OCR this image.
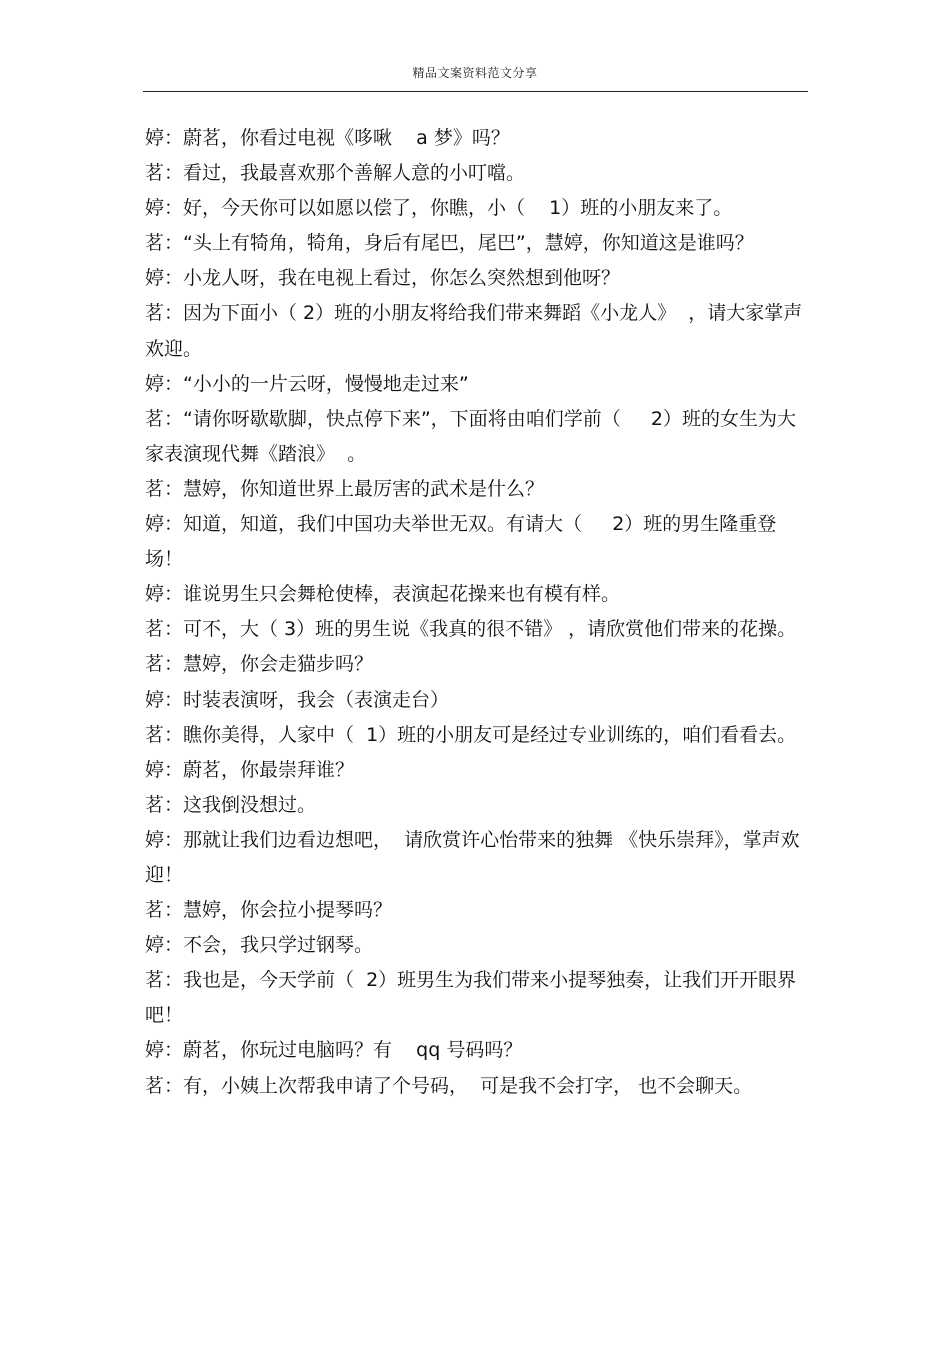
精品文案资料范文分享

婷：蔚茗，你看过电视《哆啾    a 梦》吗？

茗：看过，我最喜欢那个善解人意的小叮噹。

婷：好，今天你可以如愿以偿了，你瞧，小（    1）班的小朋友来了。

茗：“头上有犄角，犄角，身后有尾巴，尾巴”，慧婷，你知道这是谁吗？

婷：小龙人呀，我在电视上看过，你怎么突然想到他呀？

茗：因为下面小（ 2）班的小朋友将给我们带来舞蹈《小龙人》  ，请大家掌声欢迎。

婷：“小小的一片云呀，慢慢地走过来”

茗：“请你呀歇歇脚，快点停下来”，下面将由咱们学前（     2）班的女生为大家表演现代舞《踏浪》  。

茗：慧婷，你知道世界上最厉害的武术是什么？

婷：知道，知道，我们中国功夫举世无双。有请大（     2）班的男生隆重登场！

婷：谁说男生只会舞枪使棒，表演起花操来也有模有样。

茗：可不，大（ 3）班的男生说《我真的很不错》 ，请欣赏他们带来的花操。

茗：慧婷，你会走猫步吗？

婷：时装表演呀，我会（表演走台）

茗：瞧你美得，人家中（  1）班的小朋友可是经过专业训练的，咱们看看去。

婷：蔚茗，你最崇拜谁？

茗：这我倒没想过。

婷：那就让我们边看边想吧，  请欣赏许心怡带来的独舞 《快乐崇拜》，掌声欢迎！

茗：慧婷，你会拉小提琴吗？

婷：不会，我只学过钢琴。

茗：我也是，今天学前（  2）班男生为我们带来小提琴独奏，让我们开开眼界吧！

婷：蔚茗，你玩过电脑吗？有    qq 号码吗？

茗：有，小姨上次帮我申请了个号码，  可是我不会打字， 也不会聊天。
